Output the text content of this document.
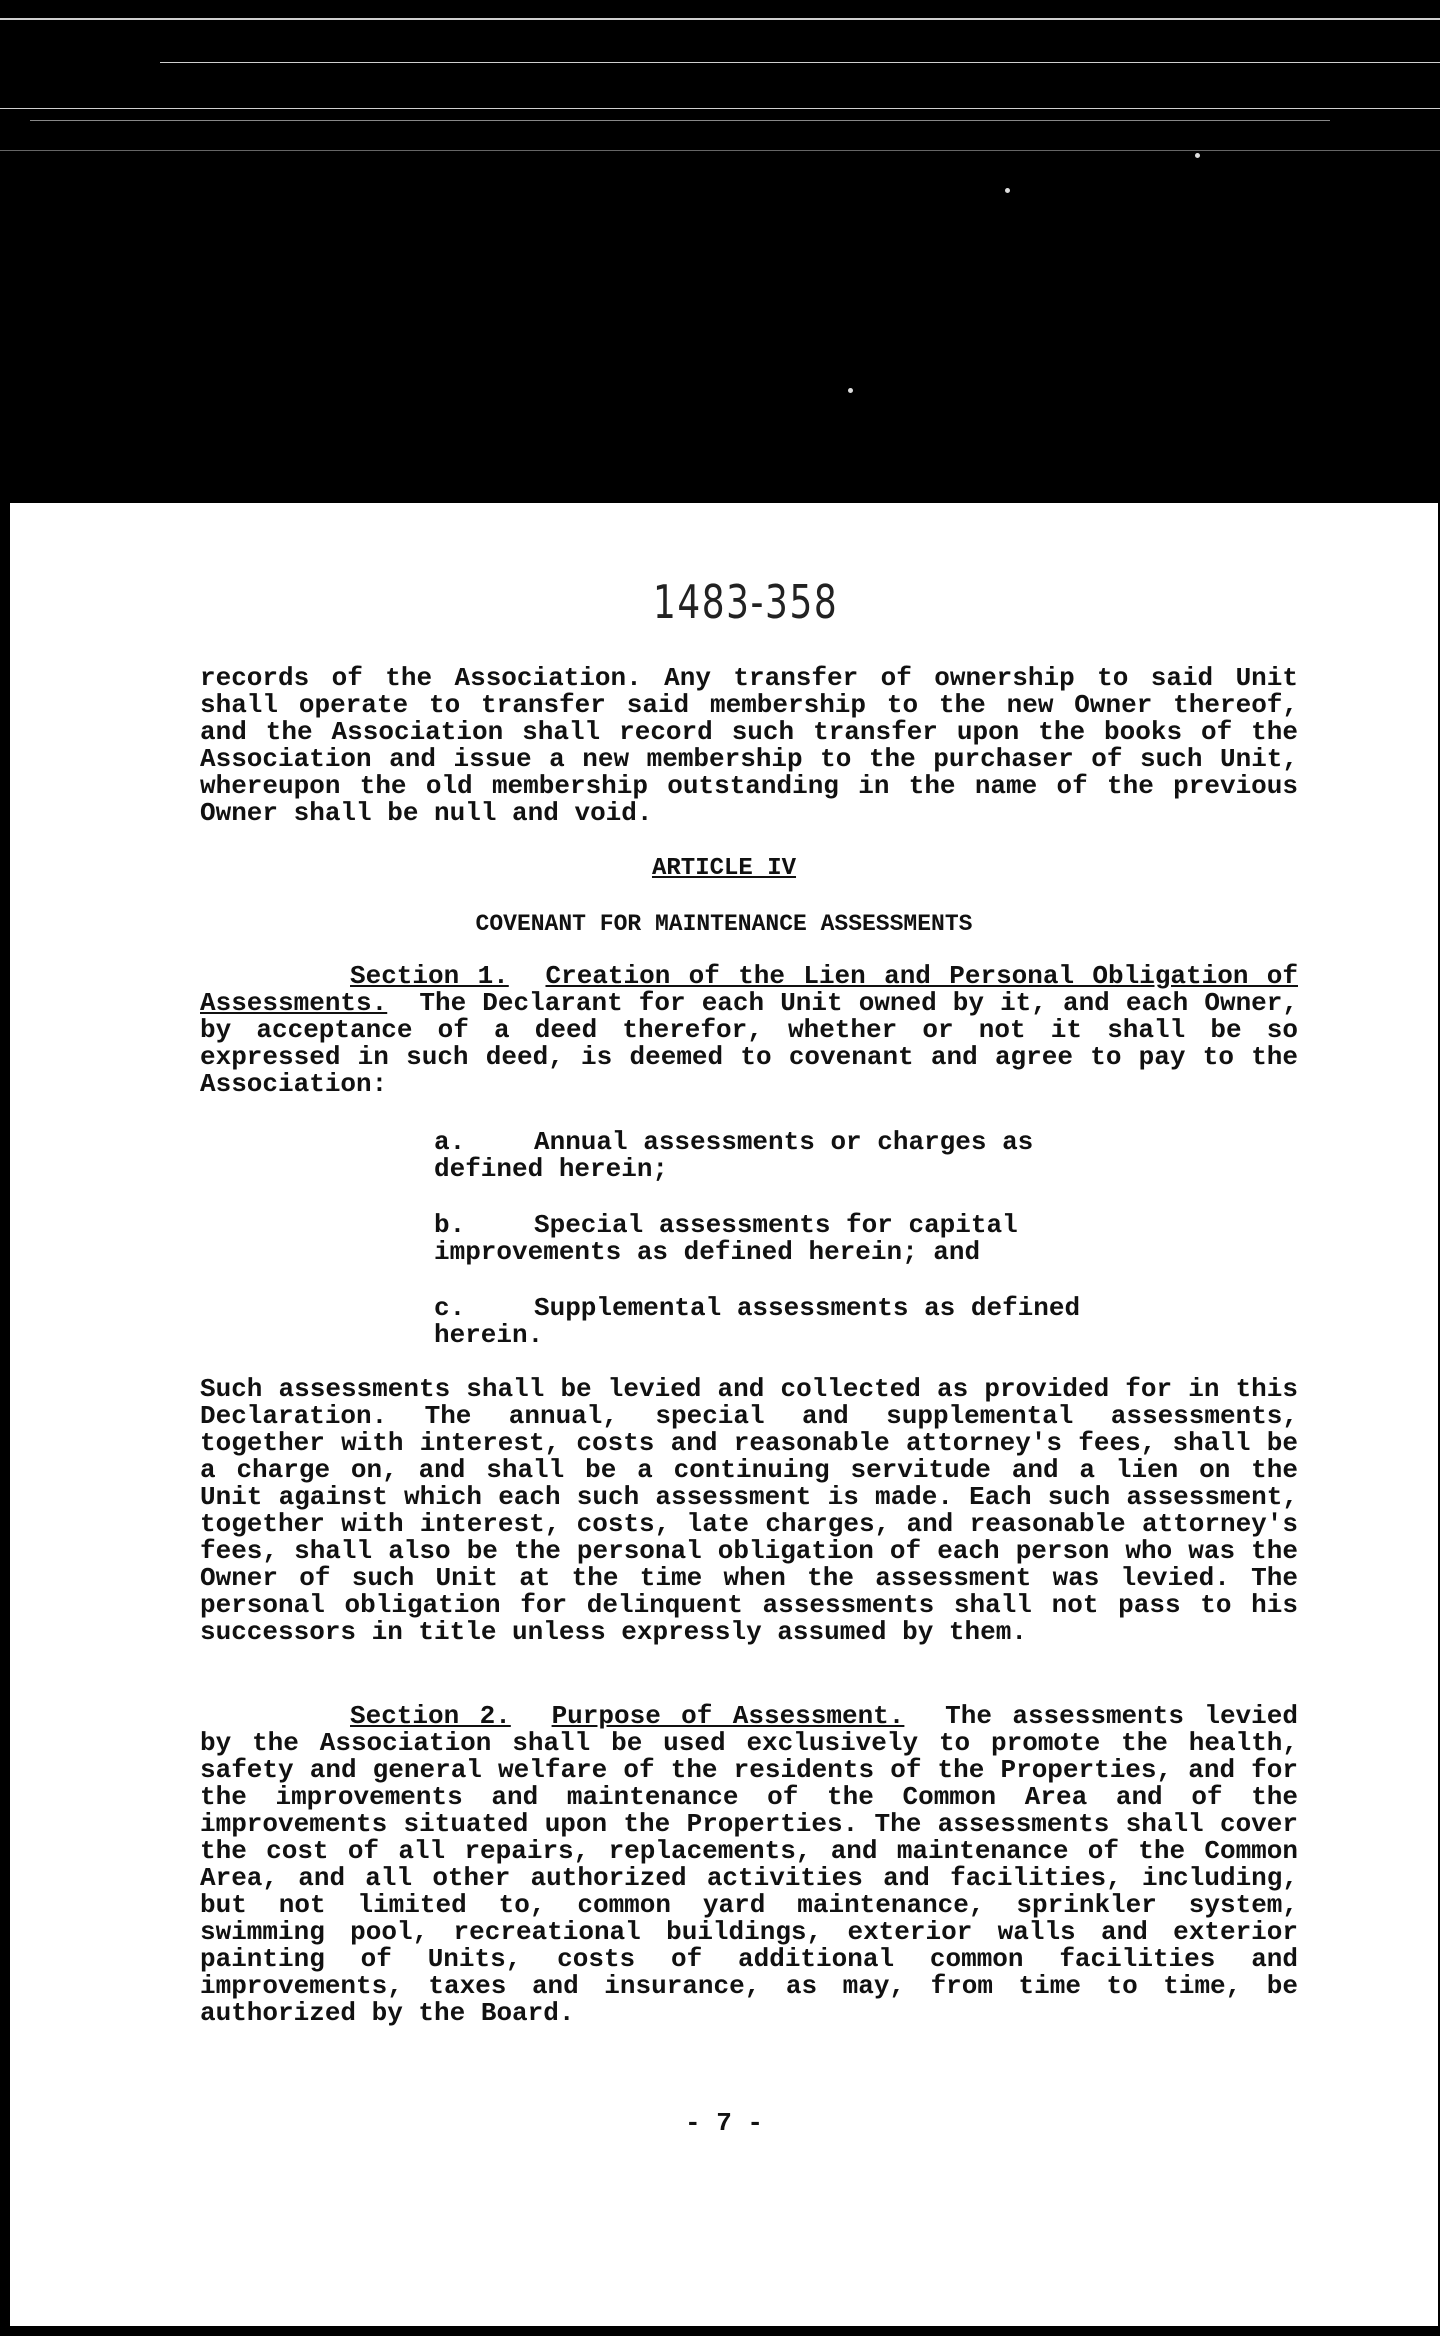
1483-358
records of the Association. Any transfer of ownership to said Unit shall operate to transfer said membership to the new Owner thereof, and the Association shall record such transfer upon the books of the Association and issue a new membership to the purchaser of such Unit, whereupon the old membership outstanding in the name of the previous Owner shall be null and void.
ARTICLE IV
COVENANT FOR MAINTENANCE ASSESSMENTS
Section 1. Creation of the Lien and Personal Obligation of Assessments. The Declarant for each Unit owned by it, and each Owner, by acceptance of a deed therefor, whether or not it shall be so expressed in such deed, is deemed to covenant and agree to pay to the Association:
a.	Annual assessments or charges as defined herein;
b.	Special assessments for capital improvements as defined herein; and
c.	Supplemental assessments as defined herein.
Such assessments shall be levied and collected as provided for in this Declaration. The annual, special and supplemental assessments, together with interest, costs and reasonable attorney's fees, shall be a charge on, and shall be a continuing servitude and a lien on the Unit against which each such assessment is made. Each such assessment, together with interest, costs, late charges, and reasonable attorney's fees, shall also be the personal obligation of each person who was the Owner of such Unit at the time when the assessment was levied. The personal obligation for delinquent assessments shall not pass to his successors in title unless expressly assumed by them.
Section 2. Purpose of Assessment. The assessments levied by the Association shall be used exclusively to promote the health, safety and general welfare of the residents of the Properties, and for the improvements and maintenance of the Common Area and of the improvements situated upon the Properties. The assessments shall cover the cost of all repairs, replacements, and maintenance of the Common Area, and all other authorized activities and facilities, including, but not limited to, common yard maintenance, sprinkler system, swimming pool, recreational buildings, exterior walls and exterior painting of Units, costs of additional common facilities and improvements, taxes and insurance, as may, from time to time, be authorized by the Board.
- 7 -
